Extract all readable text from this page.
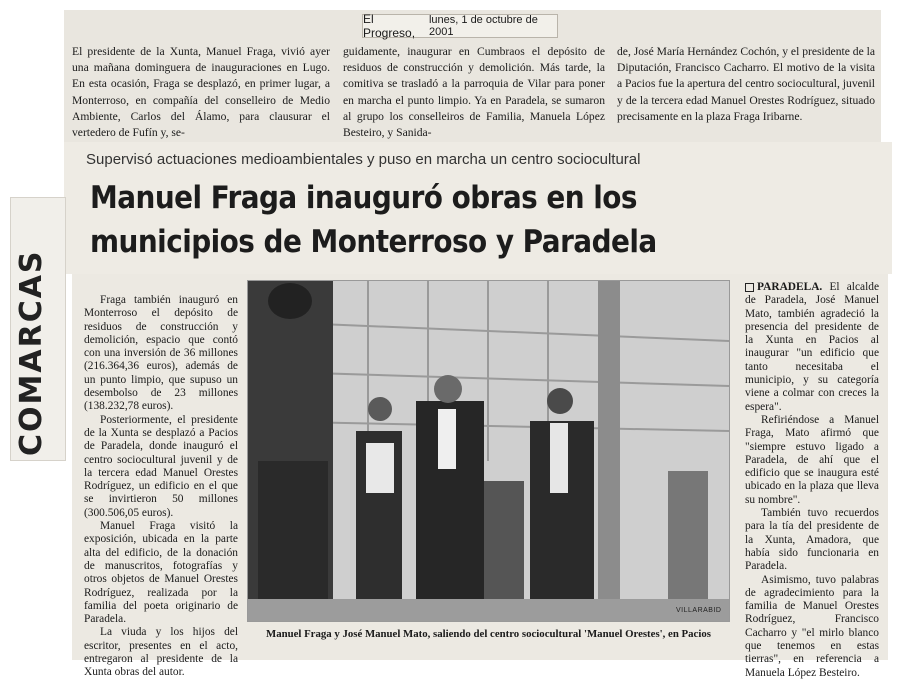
El Progreso,
lunes, 1 de octubre de 2001

El presidente de la Xunta, Manuel Fraga, vivió ayer una mañana dominguera de inauguraciones en Lugo. En esta ocasión, Fraga se desplazó, en primer lugar, a Monterroso, en compañía del conselleiro de Medio Ambiente, Carlos del Álamo, para clausurar el vertedero de Fufín y, se-

guidamente, inaugurar en Cumbraos el depósito de residuos de construcción y demolición. Más tarde, la comitiva se trasladó a la parroquia de Vilar para poner en marcha el punto limpio. Ya en Paradela, se sumaron al grupo los conselleiros de Familia, Manuela López Besteiro, y Sanida-

de, José María Hernández Cochón, y el presidente de la Diputación, Francisco Cacharro. El motivo de la visita a Pacios fue la apertura del centro sociocultural, juvenil y de la tercera edad Manuel Orestes Rodríguez, situado precisamente en la plaza Fraga Iribarne.

Supervisó actuaciones medioambientales y puso en marcha un centro sociocultural

Manuel Fraga inauguró obras en los
municipios de Monterroso y Paradela
COMARCAS	Fraga también inauguró en Monterroso el depósito de residuos de construcción y demolición, espacio que contó con una inversión de 36 millones (216.364,36 euros), además de un punto limpio, que supuso un desembolso de 23 millones (138.232,78 euros).

Posteriormente, el presidente de la Xunta se desplazó a Pacios de Paradela, donde inauguró el centro sociocultural juvenil y de la tercera edad Manuel Orestes Rodríguez, un edificio en el que se invirtieron 50 millones (300.506,05 euros).

Manuel Fraga visitó la exposición, ubicada en la parte alta del edificio, de la donación de manuscritos, fotografías y otros objetos de Manuel Orestes Rodríguez, realizada por la familia del poeta originario de Paradela.

La viuda y los hijos del escritor, presentes en el acto, entregaron al presidente de la Xunta obras del autor.

VILLARABID

Manuel Fraga y José Manuel Mato, saliendo del centro sociocultural 'Manuel Orestes', en Pacios

PARADELA. El alcalde de Paradela, José Manuel Mato, también agradeció la presencia del presidente de la Xunta en Pacios al inaugurar "un edificio que tanto necesitaba el municipio, y su categoría viene a colmar con creces la espera".

Refiriéndose a Manuel Fraga, Mato afirmó que "siempre estuvo ligado a Paradela, de ahí que el edificio que se inaugura esté ubicado en la plaza que lleva su nombre".

También tuvo recuerdos para la tía del presidente de la Xunta, Amadora, que había sido funcionaria en Paradela.

Asimismo, tuvo palabras de agradecimiento para la familia de Manuel Orestes Rodríguez, Francisco Cacharro y "el mirlo blanco que tenemos en estas tierras", en referencia a Manuela López Besteiro.
